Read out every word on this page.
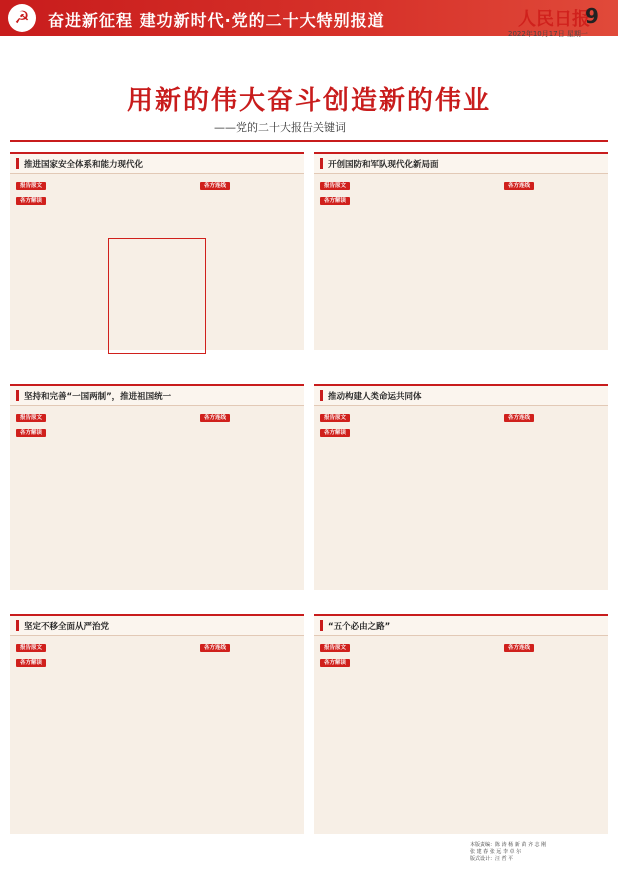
☭	奋进新征程 建功新时代·党的二十大特别报道	人民日报
9
2022年10月17日 星期一
用新的伟大奋斗创造新的伟业
——党的二十大报告关键词
推进国家安全体系和能力现代化
报告原文
各方解读
各方连线
开创国防和军队现代化新局面
报告原文
各方解读
各方连线
坚持和完善“一国两制”，推进祖国统一
报告原文
各方解读
各方连线
推动构建人类命运共同体
报告原文
各方解读
各方连线
坚定不移全面从严治党
报告原文
各方解读
各方连线
“五个必由之路”
报告原文
各方解读
各方连线
本版责编：陈 涛 杨 新 苗 齐 志 刚
张 建 春 张 远 李 卓 尔
版式设计：汪 哲 平
